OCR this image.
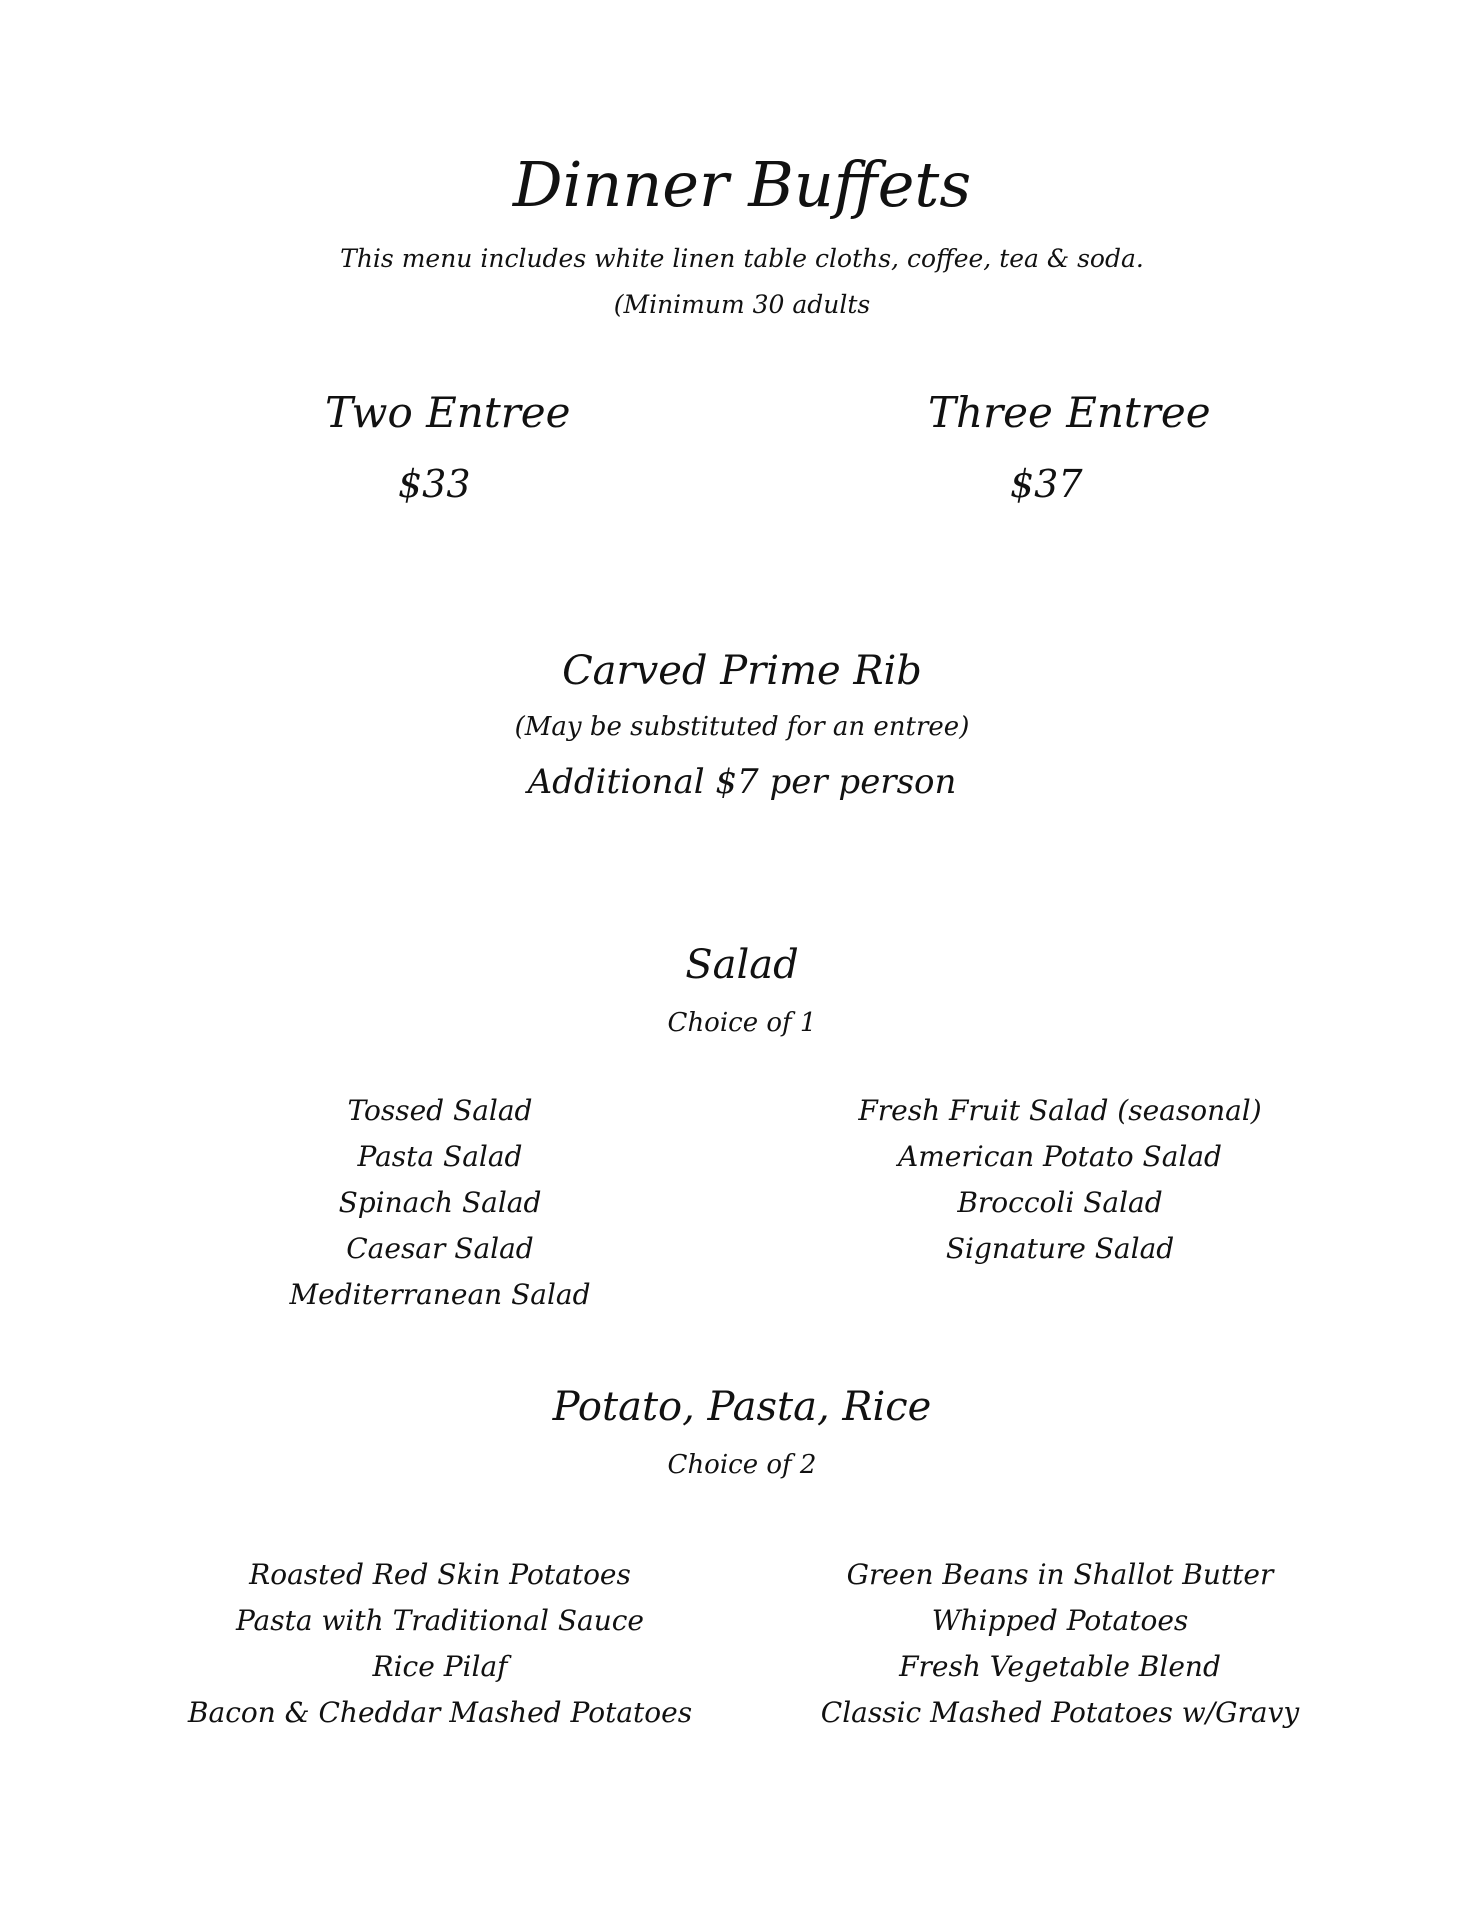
Dinner Buffets
This menu includes white linen table cloths, coffee, tea & soda.
(Minimum 30 adults
Two Entree
$33
Three Entree
$37
Carved Prime Rib
(May be substituted for an entree)
Additional $7 per person
Salad
Choice of 1
Tossed Salad
Pasta Salad
Spinach Salad
Caesar Salad
Mediterranean Salad
Fresh Fruit Salad (seasonal)
American Potato Salad
Broccoli Salad
Signature Salad
Potato, Pasta, Rice
Choice of 2
Roasted Red Skin Potatoes
Pasta with Traditional Sauce
Rice Pilaf
Bacon & Cheddar Mashed Potatoes
Green Beans in Shallot Butter
Whipped Potatoes
Fresh Vegetable Blend
Classic Mashed Potatoes w/Gravy
